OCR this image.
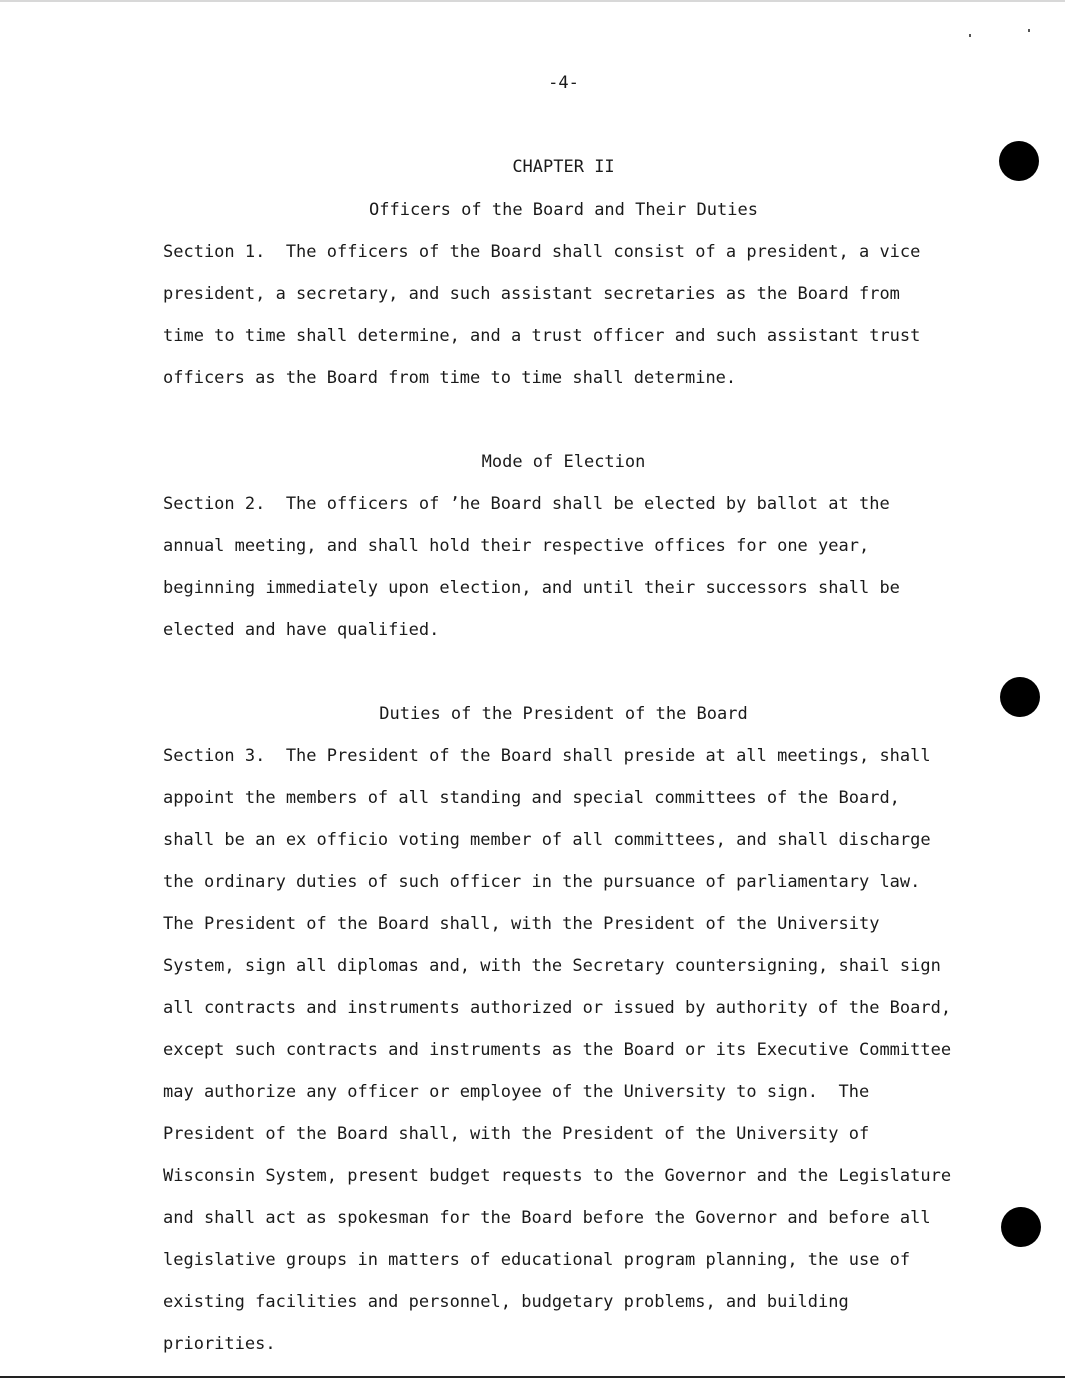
-4-
CHAPTER II
Officers of the Board and Their Duties
Section 1.  The officers of the Board shall consist of a president, a vice
president, a secretary, and such assistant secretaries as the Board from
time to time shall determine, and a trust officer and such assistant trust
officers as the Board from time to time shall determine.
Mode of Election
Section 2.  The officers of ʼhe Board shall be elected by ballot at the
annual meeting, and shall hold their respective offices for one year,
beginning immediately upon election, and until their successors shall be
elected and have qualified.
Duties of the President of the Board
Section 3.  The President of the Board shall preside at all meetings, shall
appoint the members of all standing and special committees of the Board,
shall be an ex officio voting member of all committees, and shall discharge
the ordinary duties of such officer in the pursuance of parliamentary law.
The President of the Board shall, with the President of the University
System, sign all diplomas and, with the Secretary countersigning, shail sign
all contracts and instruments authorized or issued by authority of the Board,
except such contracts and instruments as the Board or its Executive Committee
may authorize any officer or employee of the University to sign.  The
President of the Board shall, with the President of the University of
Wisconsin System, present budget requests to the Governor and the Legislature
and shall act as spokesman for the Board before the Governor and before all
legislative groups in matters of educational program planning, the use of
existing facilities and personnel, budgetary problems, and building
priorities.
